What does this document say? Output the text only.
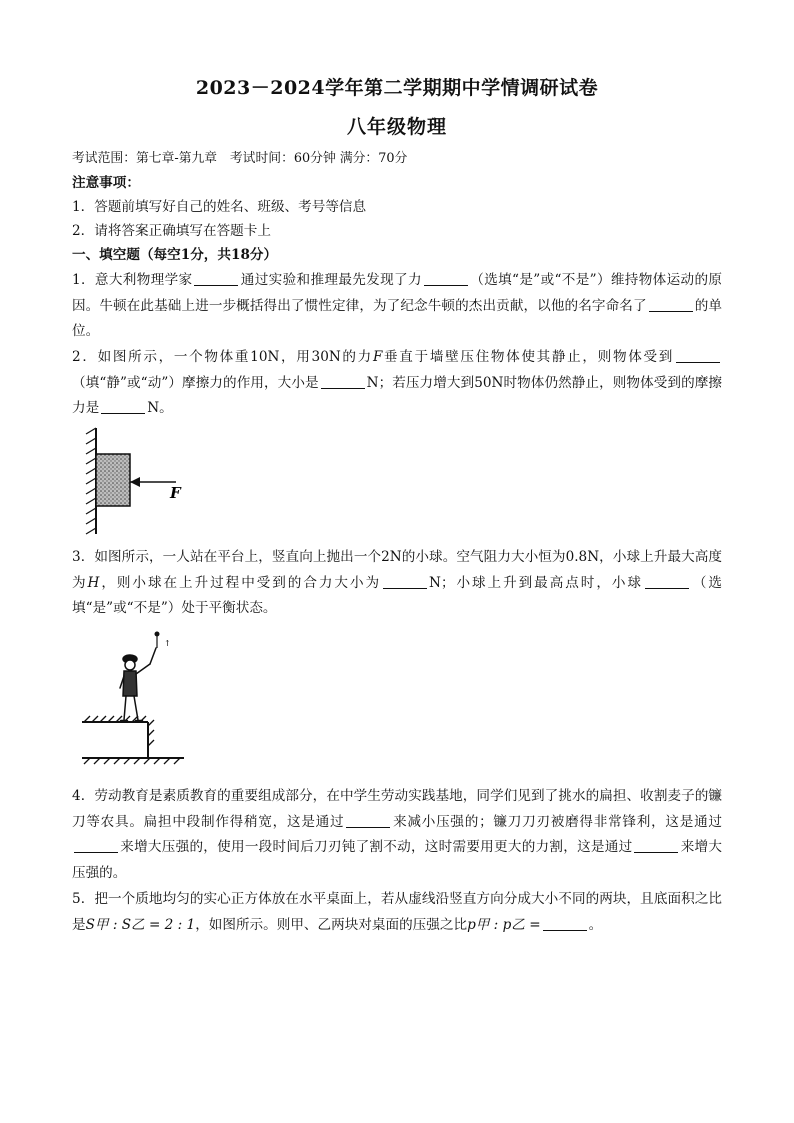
2023－2024学年第二学期期中学情调研试卷
八年级物理
考试范围：第七章-第九章　考试时间：60分钟 满分：70分
注意事项：
1．答题前填写好自己的姓名、班级、考号等信息
2．请将答案正确填写在答题卡上
一、填空题（每空1分，共18分）
1．意大利物理学家	通过实验和推理最先发现了力	（选填“是”或“不是”）维持物体运动的原因。牛顿在此基础上进一步概括得出了惯性定律，为了纪念牛顿的杰出贡献，以他的名字命名了	的单位。
2．如图所示，一个物体重10N，用30N的力F垂直于墙壁压住物体使其静止，则物体受到（填“静”或“动”）摩擦力的作用，大小是	N；若压力增大到50N时物体仍然静止，则物体受到的摩擦力是	N。
F
3．如图所示，一人站在平台上，竖直向上抛出一个2N的小球。空气阻力大小恒为0.8N，小球上升最大高度为H，则小球在上升过程中受到的合力大小为	N；小球上升到最高点时，小球	（选填“是”或“不是”）处于平衡状态。
↑
4．劳动教育是素质教育的重要组成部分，在中学生劳动实践基地，同学们见到了挑水的扁担、收割麦子的镰刀等农具。扁担中段制作得稍宽，这是通过	来减小压强的；镰刀刀刃被磨得非常锋利，这是通过来增大压强的，使用一段时间后刀刃钝了割不动，这时需要用更大的力割，这是通过	来增大压强的。
5．把一个质地均匀的实心正方体放在水平桌面上，若从虚线沿竖直方向分成大小不同的两块，且底面积之比是S甲 : S乙 = 2 : 1，如图所示。则甲、乙两块对桌面的压强之比p甲 : p乙 =	。
